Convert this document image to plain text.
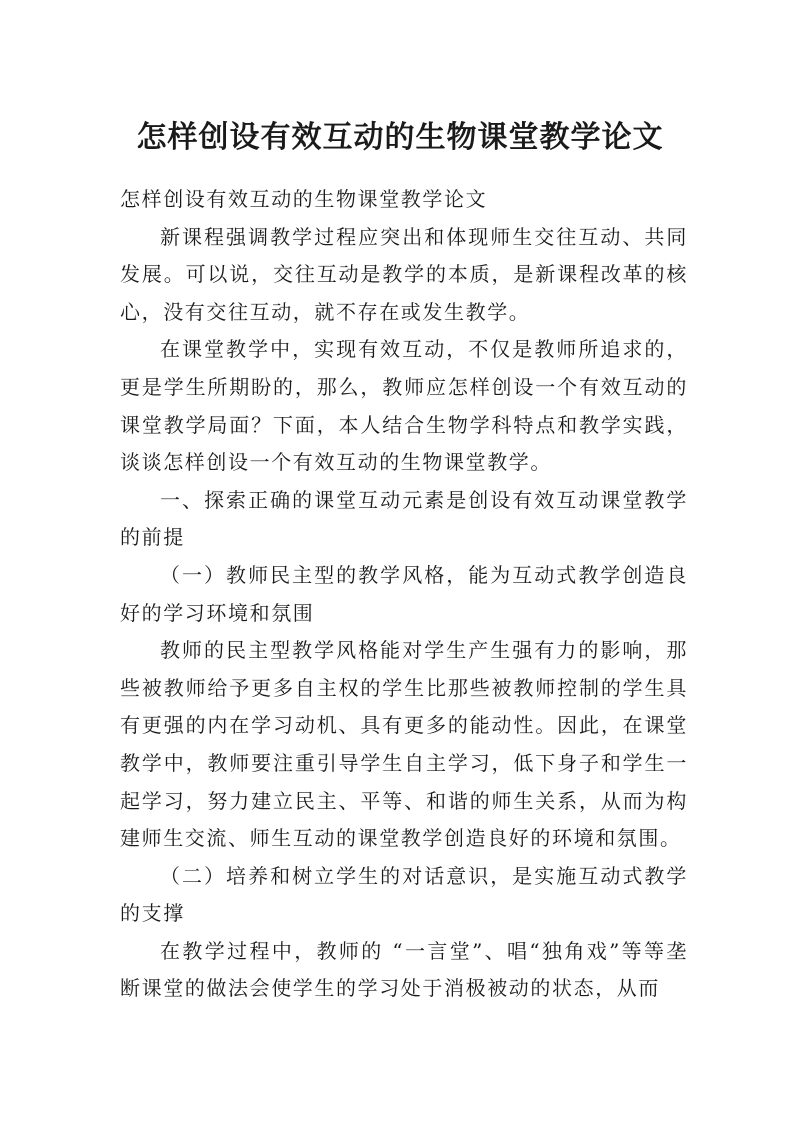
怎样创设有效互动的生物课堂教学论文

怎样创设有效互动的生物课堂教学论文

新课程强调教学过程应突出和体现师生交往互动、共同发展。可以说，交往互动是教学的本质，是新课程改革的核心，没有交往互动，就不存在或发生教学。

在课堂教学中，实现有效互动，不仅是教师所追求的，更是学生所期盼的，那么，教师应怎样创设一个有效互动的课堂教学局面？下面，本人结合生物学科特点和教学实践，谈谈怎样创设一个有效互动的生物课堂教学。

一、探索正确的课堂互动元素是创设有效互动课堂教学的前提

（一）教师民主型的教学风格，能为互动式教学创造良好的学习环境和氛围

教师的民主型教学风格能对学生产生强有力的影响，那些被教师给予更多自主权的学生比那些被教师控制的学生具有更强的内在学习动机、具有更多的能动性。因此，在课堂教学中，教师要注重引导学生自主学习，低下身子和学生一起学习，努力建立民主、平等、和谐的师生关系，从而为构建师生交流、师生互动的课堂教学创造良好的环境和氛围。

（二）培养和树立学生的对话意识，是实施互动式教学的支撑

在教学过程中，教师的 “一言堂”、唱“独角戏”等等垄断课堂的做法会使学生的学习处于消极被动的状态，从而
